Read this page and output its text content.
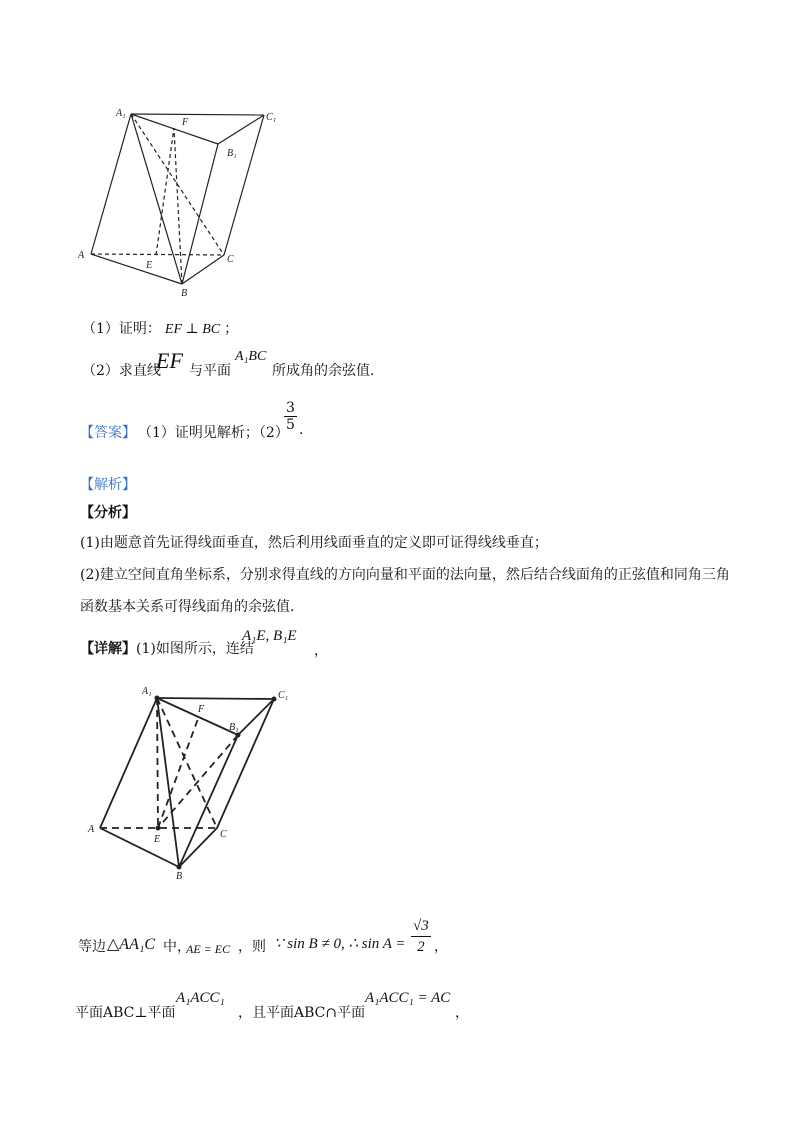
A₁	C₁
F
B₁
A
E
C
B
（1）证明： EF ⊥ BC ；
（2）求直线
EF 与平面
A₁BC
所成角的余弦值.
【答案】 （1）证明见解析；（2）
$\frac{3}{5}$ .
【解析】
【分析】
(1)由题意首先证得线面垂直，然后利用线面垂直的定义即可证得线线垂直；
(2)建立空间直角坐标系，分别求得直线的方向向量和平面的法向量，然后结合线面角的正弦值和同角三角
函数基本关系可得线面角的余弦值.
【详解】 (1)如图所示，连结
A₁E, B₁E
，
A₁	C₁
F
B₁
A
E	C
B
等边 △AA₁C 中，
AE = EC ，则 ∵ sin B ≠ 0, ∴ $\sin A = \frac{√3}{2}$ ，
平面ABC⊥平面
A₁ACC₁
，且平面ABC∩平面
A₁ACC₁ = AC
，
